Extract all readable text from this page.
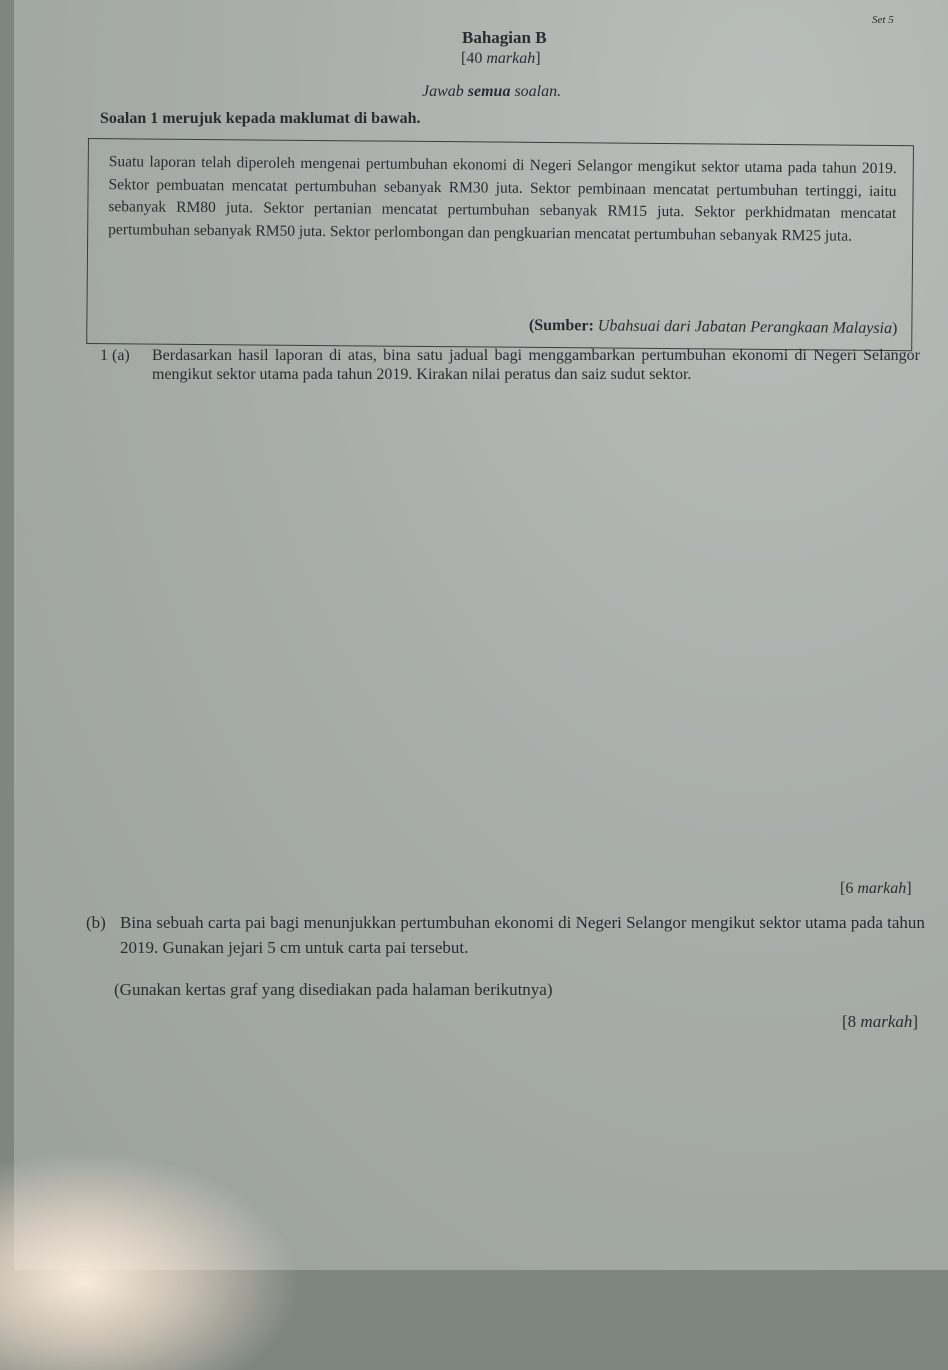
Set 5
Bahagian B
[40 markah]
Jawab semua soalan.
Soalan 1 merujuk kepada maklumat di bawah.
Suatu laporan telah diperoleh mengenai pertumbuhan ekonomi di Negeri Selangor mengikut sektor utama pada tahun 2019. Sektor pembuatan mencatat pertumbuhan sebanyak RM30 juta. Sektor pembinaan mencatat pertumbuhan tertinggi, iaitu sebanyak RM80 juta. Sektor pertanian mencatat pertumbuhan sebanyak RM15 juta. Sektor perkhidmatan mencatat pertumbuhan sebanyak RM50 juta. Sektor perlombongan dan pengkuarian mencatat pertumbuhan sebanyak RM25 juta.
(Sumber: Ubahsuai dari Jabatan Perangkaan Malaysia)
1 (a) Berdasarkan hasil laporan di atas, bina satu jadual bagi menggambarkan pertumbuhan ekonomi di Negeri Selangor mengikut sektor utama pada tahun 2019. Kirakan nilai peratus dan saiz sudut sektor.
[6 markah]
(b) Bina sebuah carta pai bagi menunjukkan pertumbuhan ekonomi di Negeri Selangor mengikut sektor utama pada tahun 2019. Gunakan jejari 5 cm untuk carta pai tersebut.
(Gunakan kertas graf yang disediakan pada halaman berikutnya)
[8 markah]
